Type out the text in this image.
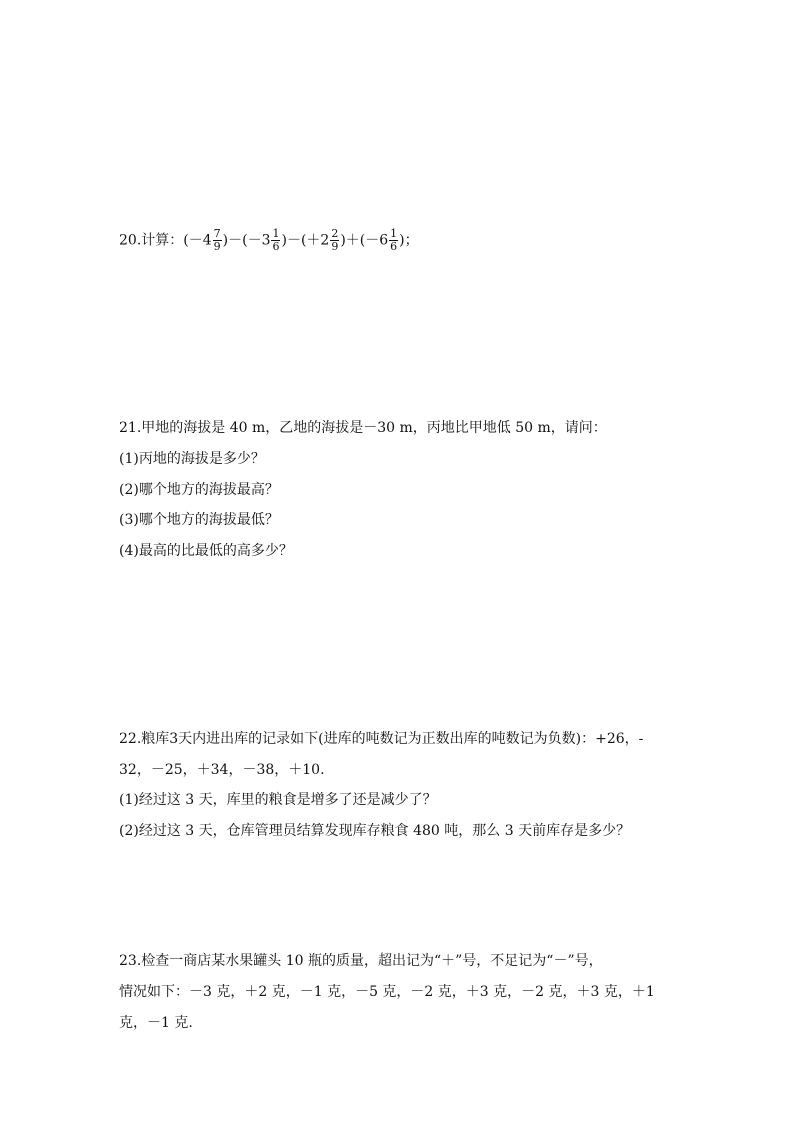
20.计算：$(-4 \frac{7}{9} )-(-3 \frac{1}{6} )-(+2 \frac{2}{9} )+(-6 \frac{1}{6}$ )；
21.甲地的海拔是 40 m，乙地的海拔是－30 m，丙地比甲地低 50 m，请问：
(1)丙地的海拔是多少？
(2)哪个地方的海拔最高？
(3)哪个地方的海拔最低？
(4)最高的比最低的高多少？
22.粮库3天内进出库的记录如下(进库的吨数记为正数出库的吨数记为负数)：+26，-
32，－25，＋34，－38，＋10.
(1)经过这 3 天，库里的粮食是增多了还是减少了？
(2)经过这 3 天，仓库管理员结算发现库存粮食 480 吨，那么 3 天前库存是多少？
23.检查一商店某水果罐头 10 瓶的质量，超出记为“＋”号，不足记为“－”号，
情况如下：－3 克，＋2 克，－1 克，－5 克，－2 克，＋3 克，－2 克，＋3 克，＋1
克，－1 克.
